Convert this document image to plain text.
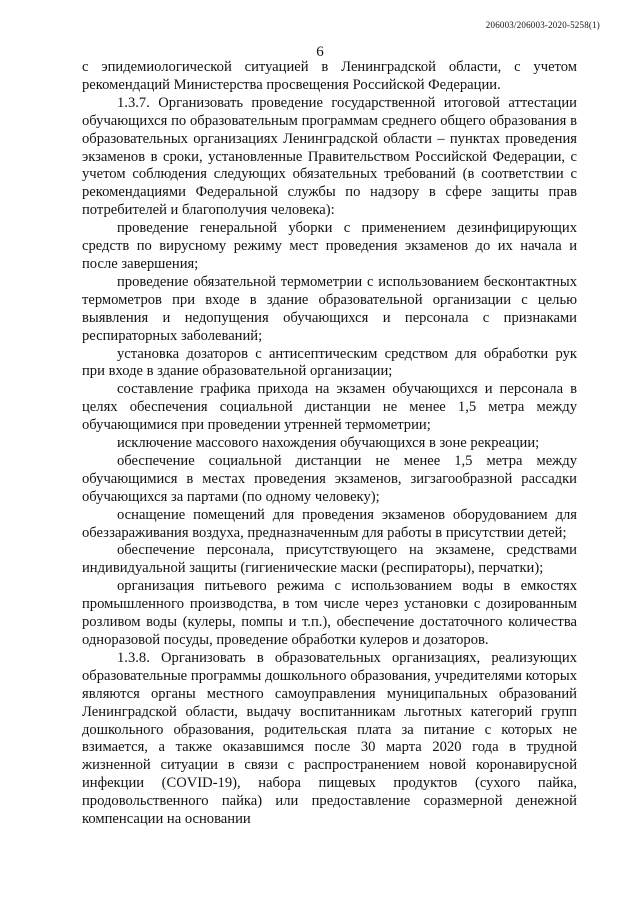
206003/206003-2020-5258(1)
6

с эпидемиологической ситуацией в Ленинградской области, с учетом рекомендаций Министерства просвещения Российской Федерации.

1.3.7. Организовать проведение государственной итоговой аттестации обучающихся по образовательным программам среднего общего образования в образовательных организациях Ленинградской области – пунктах проведения экзаменов в сроки, установленные Правительством Российской Федерации, с учетом соблюдения следующих обязательных требований (в соответствии с рекомендациями Федеральной службы по надзору в сфере защиты прав потребителей и благополучия человека):

проведение генеральной уборки с применением дезинфицирующих средств по вирусному режиму мест проведения экзаменов до их начала и после завершения;

проведение обязательной термометрии с использованием бесконтактных термометров при входе в здание образовательной организации с целью выявления и недопущения обучающихся и персонала с признаками респираторных заболеваний;

установка дозаторов с антисептическим средством для обработки рук при входе в здание образовательной организации;

составление графика прихода на экзамен обучающихся и персонала в целях обеспечения социальной дистанции не менее 1,5 метра между обучающимися при проведении утренней термометрии;

исключение массового нахождения обучающихся в зоне рекреации;

обеспечение социальной дистанции не менее 1,5 метра между обучающимися в местах проведения экзаменов, зигзагообразной рассадки обучающихся за партами (по одному человеку);

оснащение помещений для проведения экзаменов оборудованием для обеззараживания воздуха, предназначенным для работы в присутствии детей;

обеспечение персонала, присутствующего на экзамене, средствами индивидуальной защиты (гигиенические маски (респираторы), перчатки);

организация питьевого режима с использованием воды в емкостях промышленного производства, в том числе через установки с дозированным розливом воды (кулеры, помпы и т.п.), обеспечение достаточного количества одноразовой посуды, проведение обработки кулеров и дозаторов.

1.3.8. Организовать в образовательных организациях, реализующих образовательные программы дошкольного образования, учредителями которых являются органы местного самоуправления муниципальных образований Ленинградской области, выдачу воспитанникам льготных категорий групп дошкольного образования, родительская плата за питание с которых не взимается, а также оказавшимся после 30 марта 2020 года в трудной жизненной ситуации в связи с распространением новой коронавирусной инфекции (COVID-19), набора пищевых продуктов (сухого пайка, продовольственного пайка) или предоставление соразмерной денежной компенсации на основании
